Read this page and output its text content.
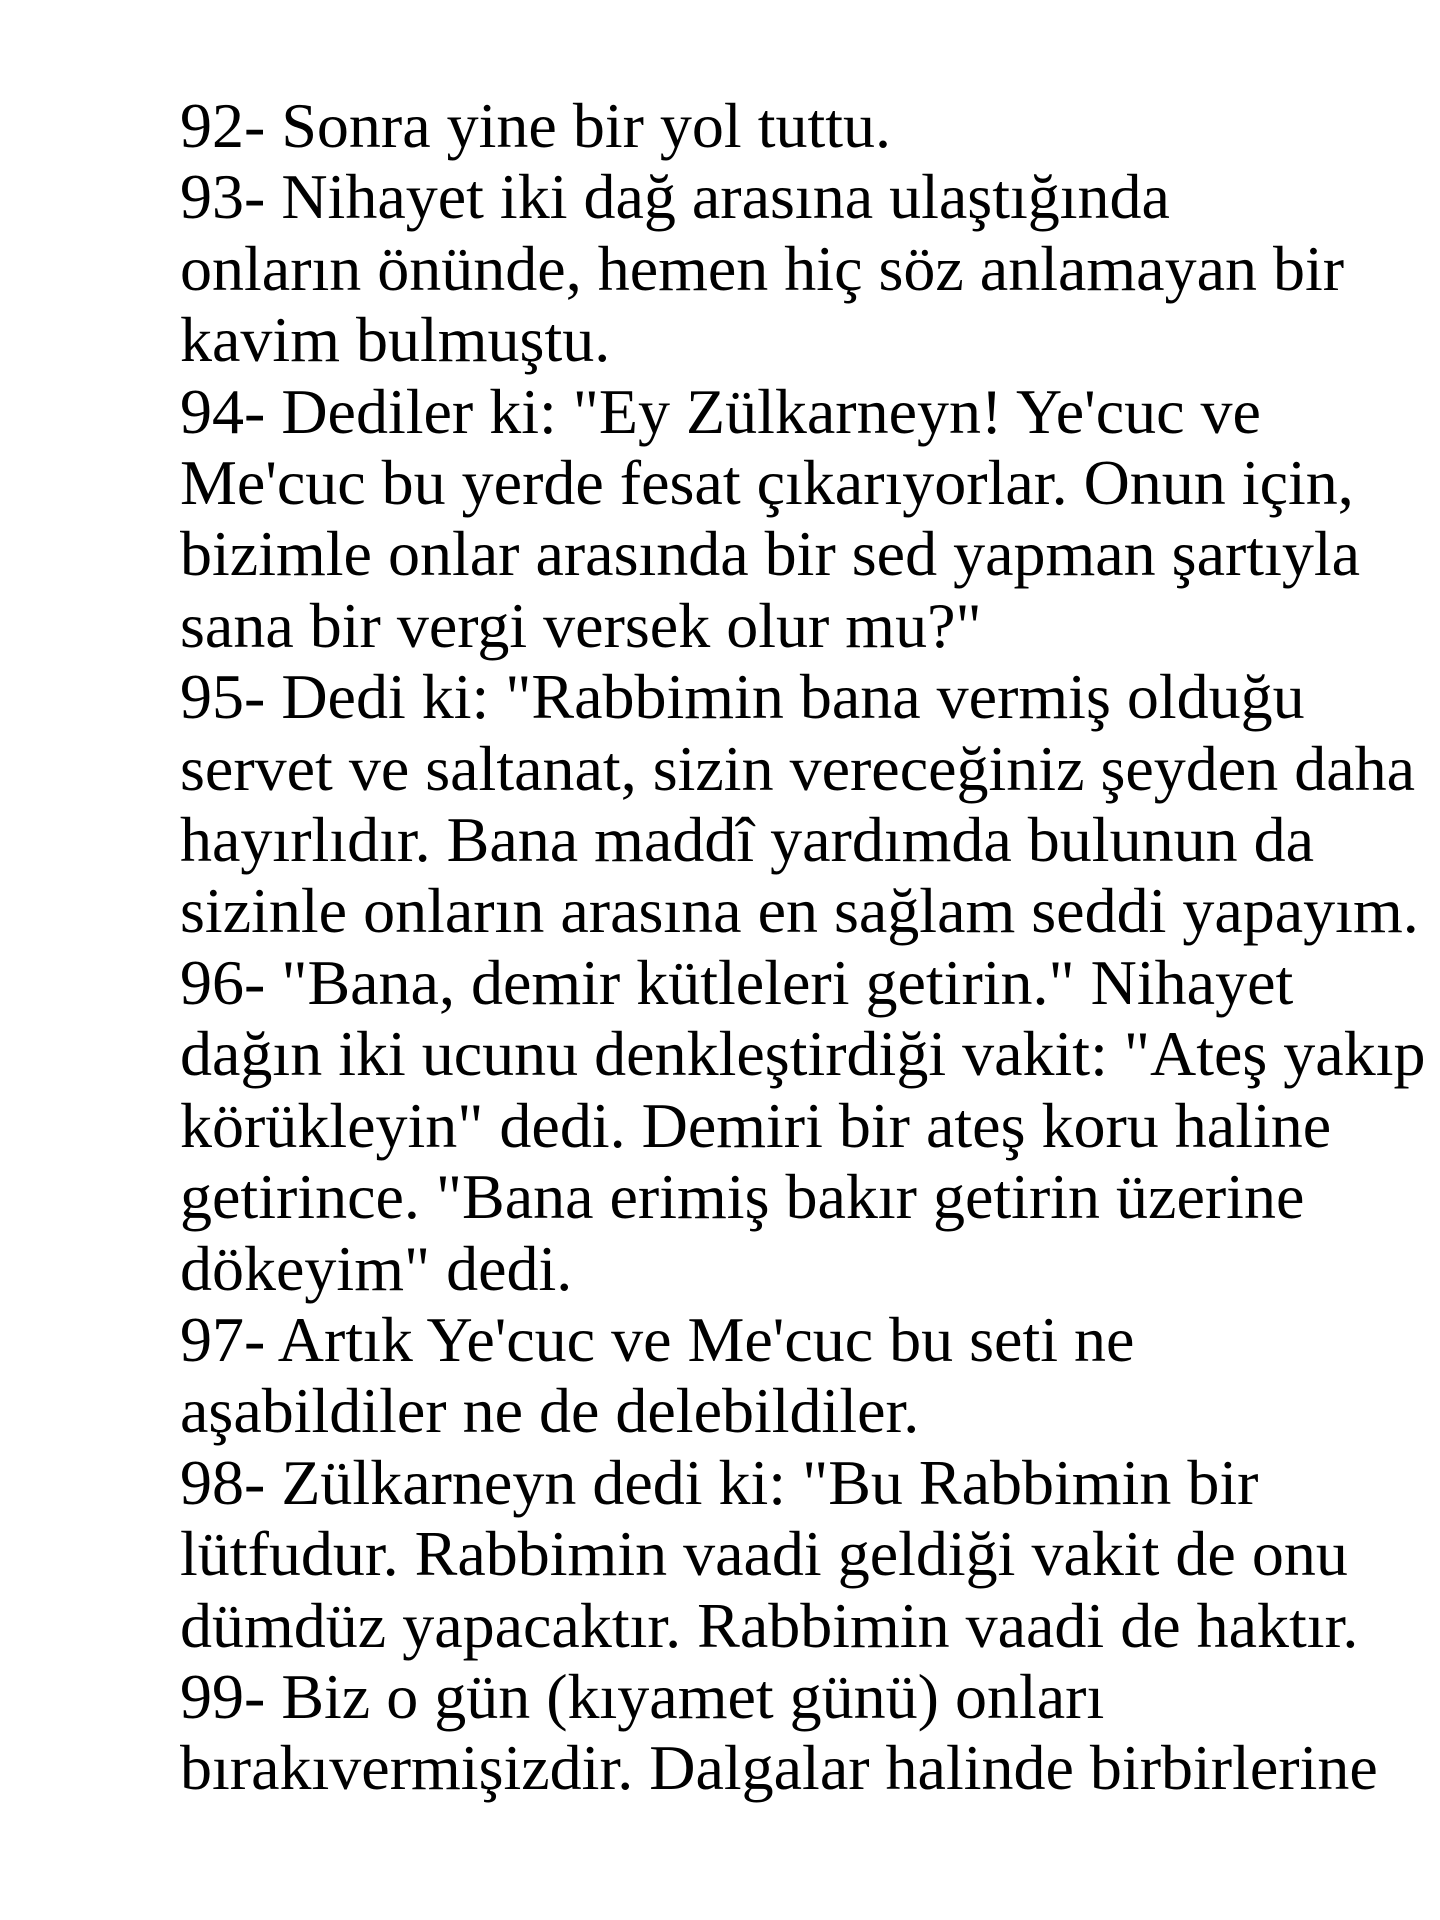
92- Sonra yine bir yol tuttu.

93- Nihayet iki dağ arasına ulaştığında
onların önünde, hemen hiç söz anlamayan bir
kavim bulmuştu.

94- Dediler ki: "Ey Zülkarneyn! Ye'cuc ve
Me'cuc bu yerde fesat çıkarıyorlar. Onun için,
bizimle onlar arasında bir sed yapman şartıyla
sana bir vergi versek olur mu?"

95- Dedi ki: "Rabbimin bana vermiş olduğu
servet ve saltanat, sizin vereceğiniz şeyden daha
hayırlıdır. Bana maddî yardımda bulunun da
sizinle onların arasına en sağlam seddi yapayım.

96- "Bana, demir kütleleri getirin." Nihayet
dağın iki ucunu denkleştirdiği vakit: "Ateş yakıp
körükleyin" dedi. Demiri bir ateş koru haline
getirince. "Bana erimiş bakır getirin üzerine
dökeyim" dedi.

97- Artık Ye'cuc ve Me'cuc bu seti ne
aşabildiler ne de delebildiler.

98- Zülkarneyn dedi ki: "Bu Rabbimin bir
lütfudur. Rabbimin vaadi geldiği vakit de onu
dümdüz yapacaktır. Rabbimin vaadi de haktır.

99- Biz o gün (kıyamet günü) onları
bırakıvermişizdir. Dalgalar halinde birbirlerine
